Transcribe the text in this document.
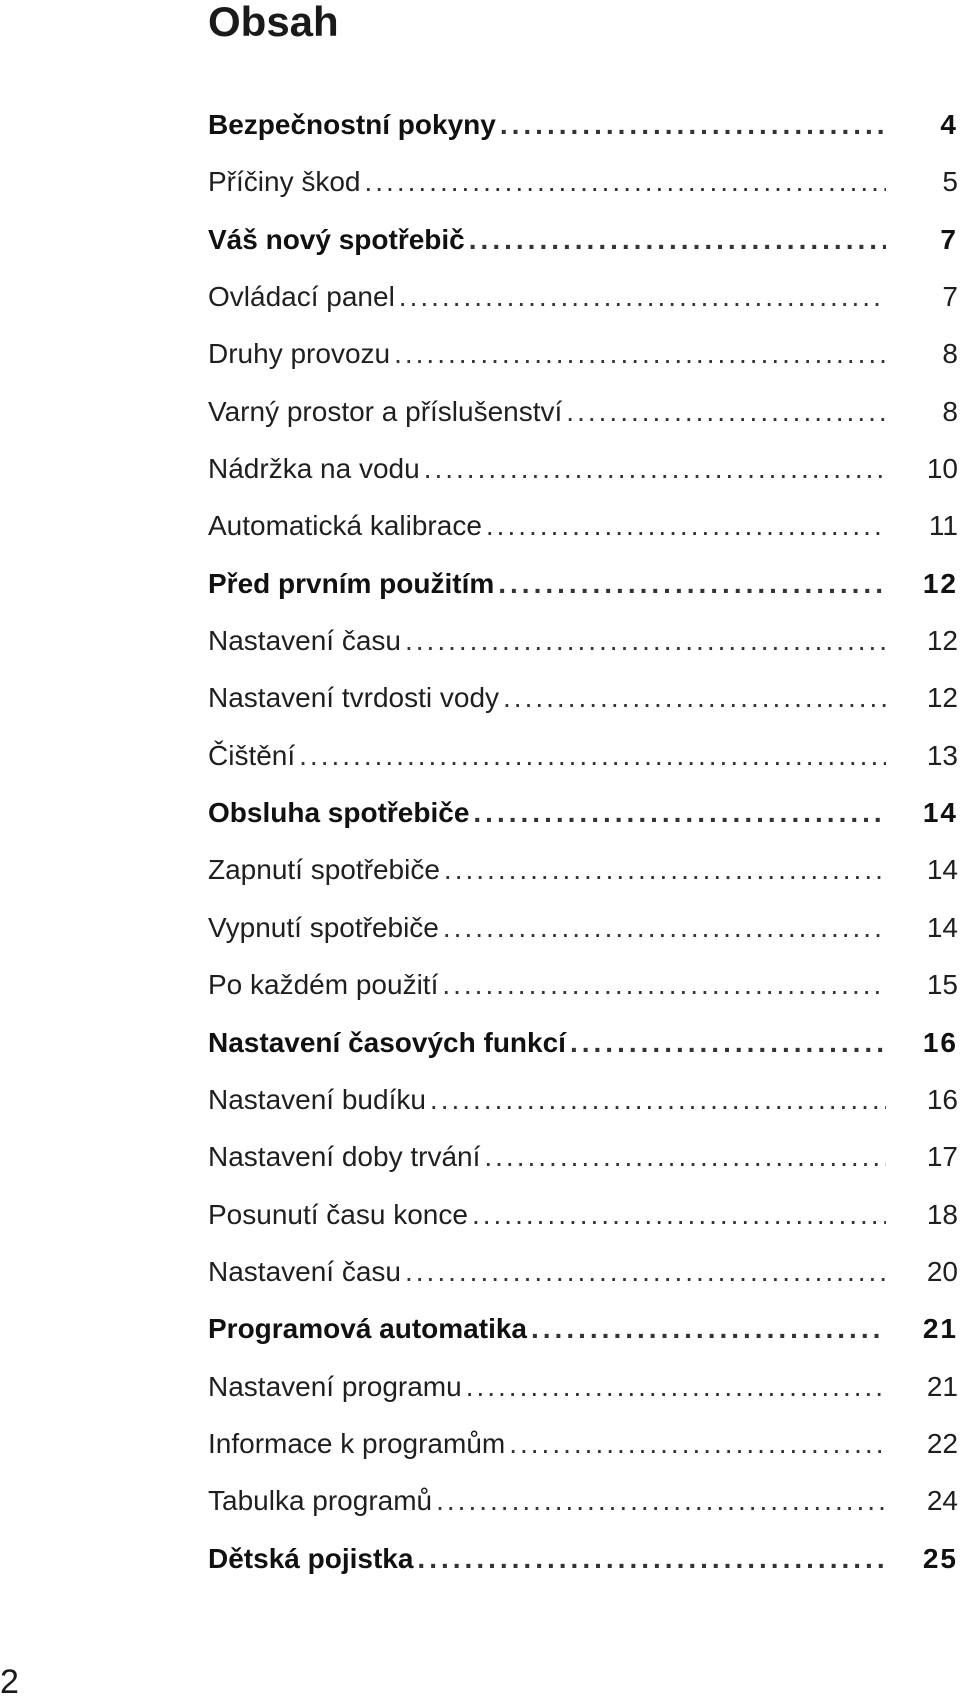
Obsah
Bezpečnostní pokyny .....	4
Příčiny škod .....	5
Váš nový spotřebič .....	7
Ovládací panel .....	7
Druhy provozu .....	8
Varný prostor a příslušenství .....	8
Nádržka na vodu .....	10
Automatická kalibrace .....	11
Před prvním použitím .....	12
Nastavení času .....	12
Nastavení tvrdosti vody .....	12
Čištění .....	13
Obsluha spotřebiče .....	14
Zapnutí spotřebiče .....	14
Vypnutí spotřebiče .....	14
Po každém použití .....	15
Nastavení časových funkcí .....	16
Nastavení budíku .....	16
Nastavení doby trvání .....	17
Posunutí času konce .....	18
Nastavení času .....	20
Programová automatika .....	21
Nastavení programu .....	21
Informace k programům .....	22
Tabulka programů .....	24
Dětská pojistka .....	25
2
